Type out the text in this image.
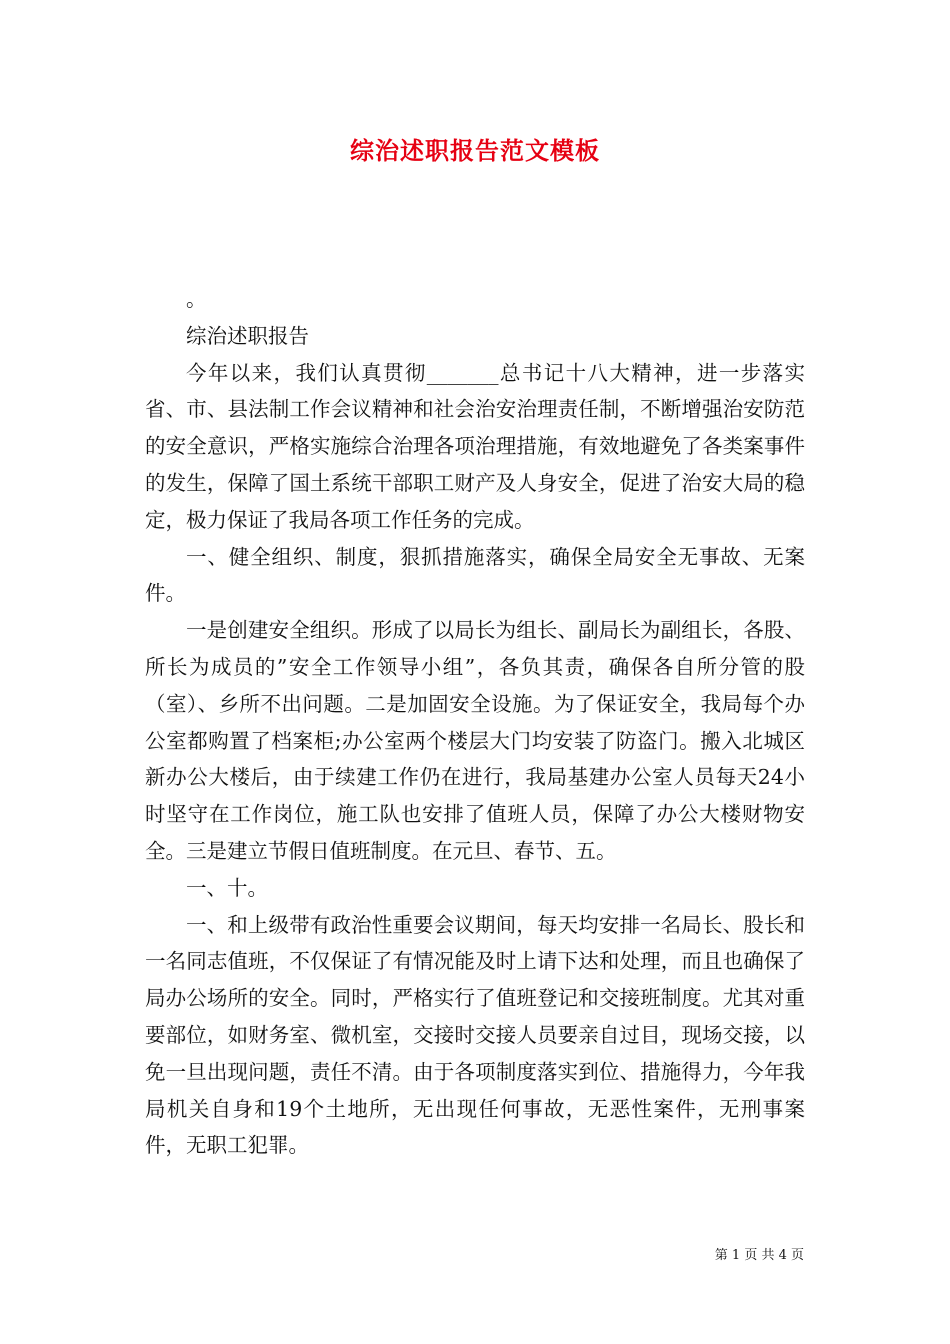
综治述职报告范文模板

。

综治述职报告

今年以来，我们认真贯彻_______总书记十八大精神，进一步落实省、市、县法制工作会议精神和社会治安治理责任制，不断增强治安防范的安全意识，严格实施综合治理各项治理措施，有效地避免了各类案事件的发生，保障了国土系统干部职工财产及人身安全，促进了治安大局的稳定，极力保证了我局各项工作任务的完成。

一、健全组织、制度，狠抓措施落实，确保全局安全无事故、无案件。

一是创建安全组织。形成了以局长为组长、副局长为副组长，各股、所长为成员的”安全工作领导小组”，各负其责，确保各自所分管的股（室）、乡所不出问题。二是加固安全设施。为了保证安全，我局每个办公室都购置了档案柜;办公室两个楼层大门均安装了防盗门。搬入北城区新办公大楼后，由于续建工作仍在进行，我局基建办公室人员每天24小时坚守在工作岗位，施工队也安排了值班人员，保障了办公大楼财物安全。三是建立节假日值班制度。在元旦、春节、五。

一、十。

一、和上级带有政治性重要会议期间，每天均安排一名局长、股长和一名同志值班，不仅保证了有情况能及时上请下达和处理，而且也确保了局办公场所的安全。同时，严格实行了值班登记和交接班制度。尤其对重要部位，如财务室、微机室，交接时交接人员要亲自过目，现场交接，以免一旦出现问题，责任不清。由于各项制度落实到位、措施得力，今年我局机关自身和19个土地所，无出现任何事故，无恶性案件，无刑事案件，无职工犯罪。

第 1 页 共 4 页
